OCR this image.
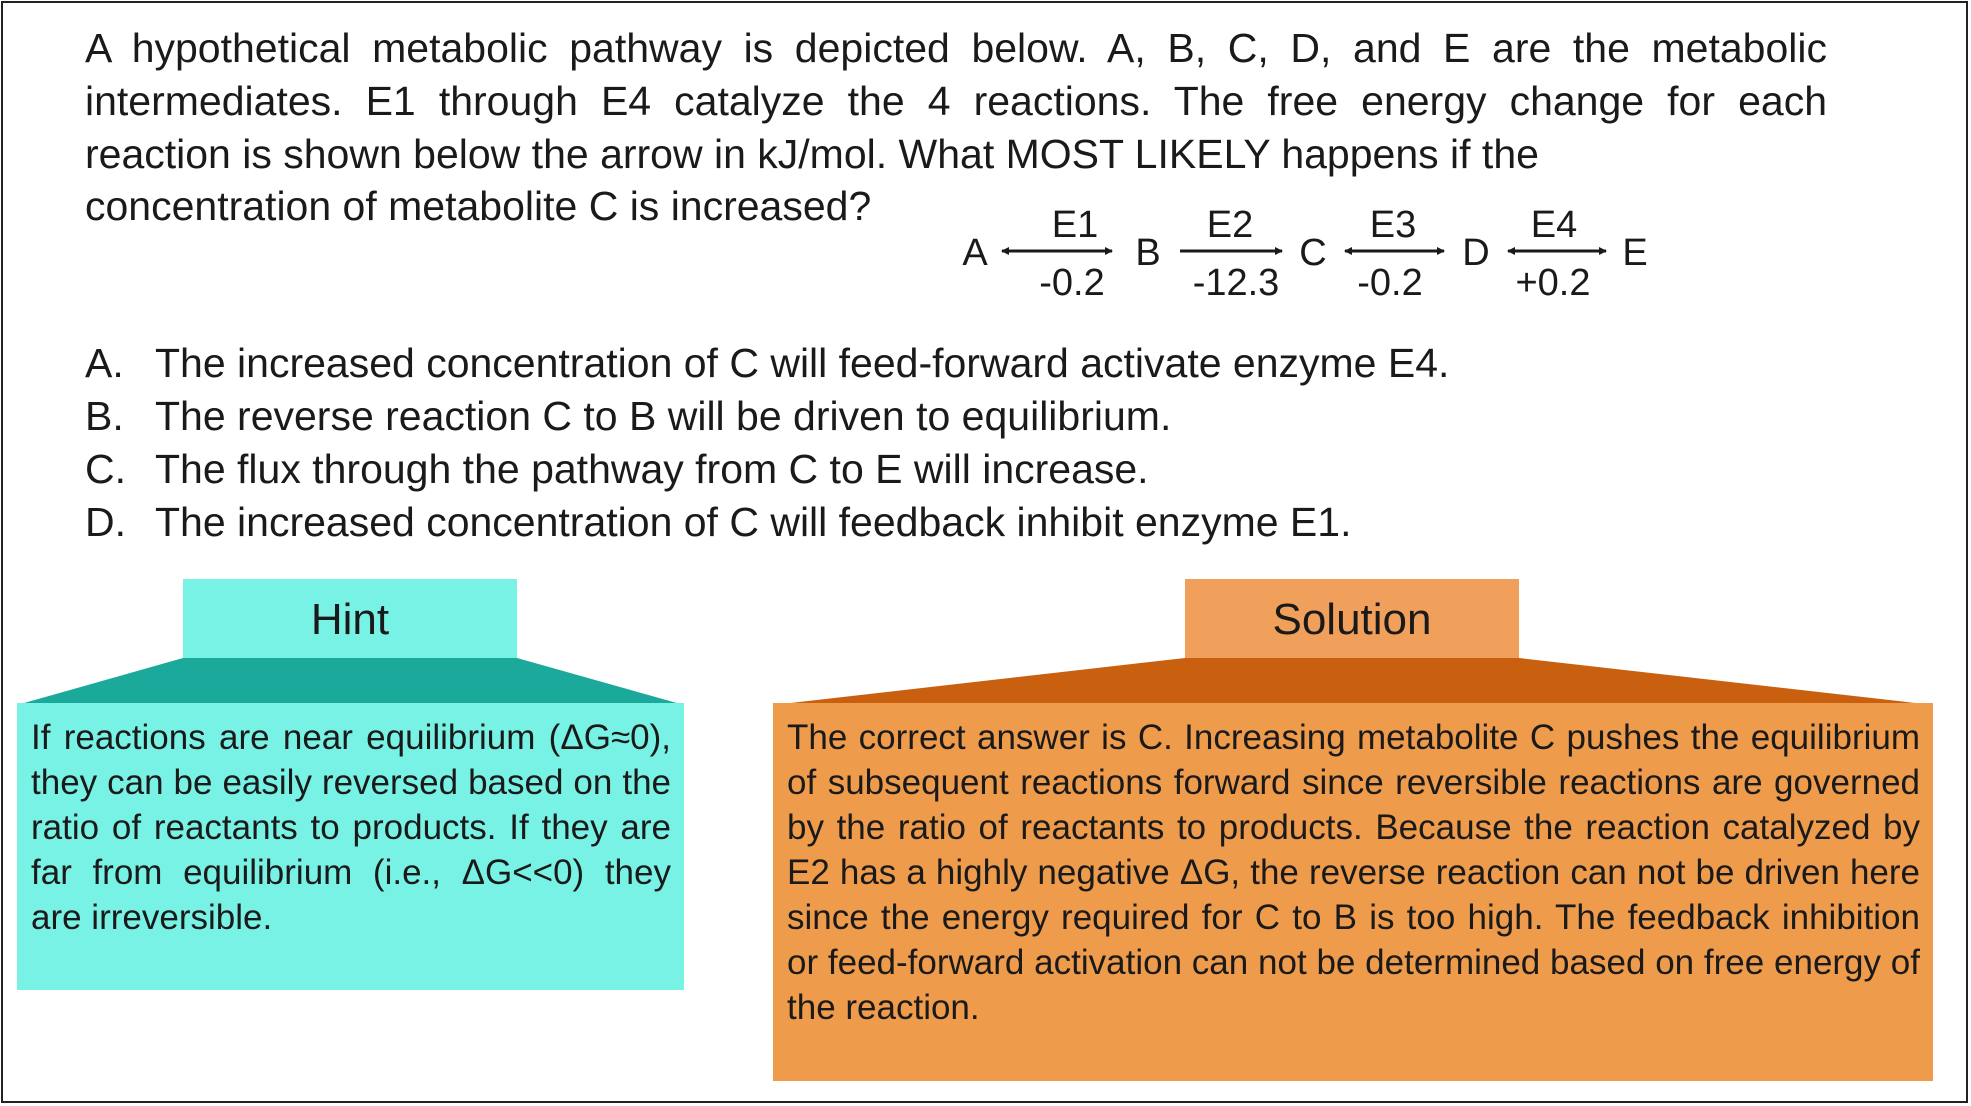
A hypothetical metabolic pathway is depicted below. A, B, C, D, and E are the metabolic intermediates. E1 through E4 catalyze the 4 reactions. The free energy change for each reaction is shown below the arrow in kJ/mol. What MOST LIKELY happens if the
concentration of metabolite C is increased?
A	B	C	D	E
E1	E2	E3	E4
-0.2 -12.3 -0.2 +0.2
A. The increased concentration of C will feed-forward activate enzyme E4.
B. The reverse reaction C to B will be driven to equilibrium.
C. The flux through the pathway from C to E will increase.
D. The increased concentration of C will feedback inhibit enzyme E1.
Hint
If reactions are near equilibrium (ΔG≈0), they can be easily reversed based on the ratio of reactants to products. If they are far from equilibrium (i.e., ΔG<<0) they are irreversible.
Solution
The correct answer is C. Increasing metabolite C pushes the equilibrium of subsequent reactions forward since reversible reactions are governed by the ratio of reactants to products. Because the reaction catalyzed by E2 has a highly negative ΔG, the reverse reaction can not be driven here since the energy required for C to B is too high. The feedback inhibition or feed-forward activation can not be determined based on free energy of the reaction.
